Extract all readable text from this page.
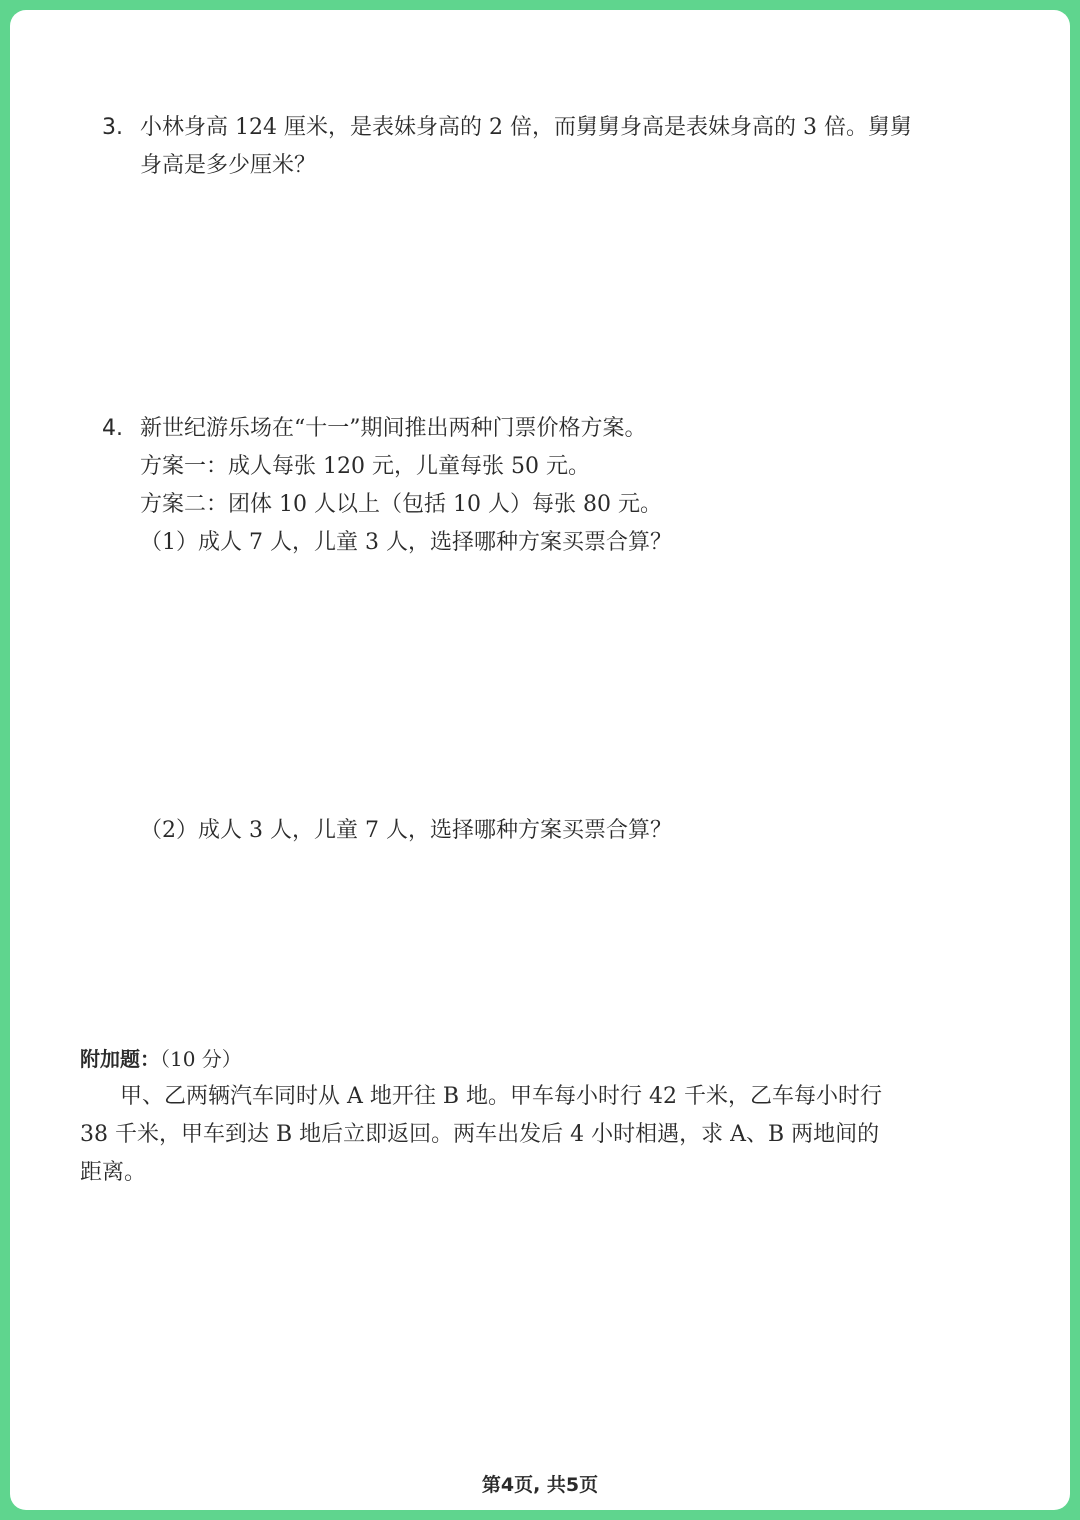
3. 小林身高 124 厘米，是表妹身高的 2 倍，而舅舅身高是表妹身高的 3 倍。舅舅
身高是多少厘米？
4. 新世纪游乐场在“十一”期间推出两种门票价格方案。
方案一：成人每张 120 元，儿童每张 50 元。
方案二：团体 10 人以上（包括 10 人）每张 80 元。
（1）成人 7 人，儿童 3 人，选择哪种方案买票合算？
（2）成人 3 人，儿童 7 人，选择哪种方案买票合算？
附加题：（10 分）
甲、乙两辆汽车同时从 A 地开往 B 地。甲车每小时行 42 千米，乙车每小时行
38 千米，甲车到达 B 地后立即返回。两车出发后 4 小时相遇，求 A、B 两地间的
距离。
第4页, 共5页
